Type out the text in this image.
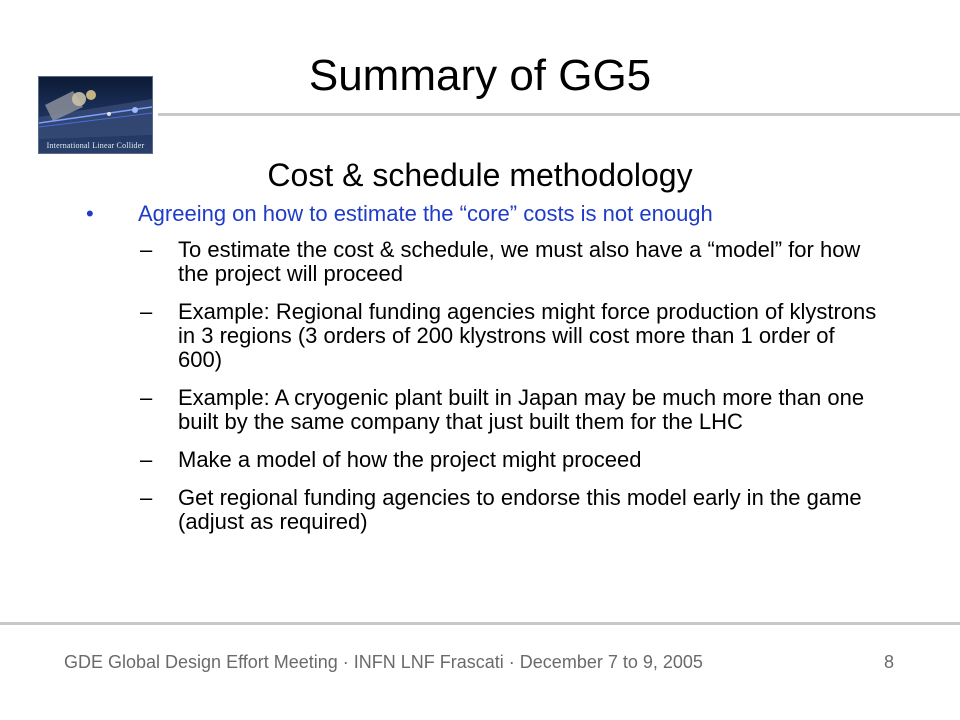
International Linear Collider
Summary of GG5
Cost & schedule methodology
• Agreeing on how to estimate the “core” costs is not enough
– To estimate the cost & schedule, we must also have a “model” for how the project will proceed
– Example: Regional funding agencies might force production of klystrons in 3 regions (3 orders of 200 klystrons will cost more than 1 order of 600)
– Example: A cryogenic plant built in Japan may be much more than one built by the same company that just built them for the LHC
– Make a model of how the project might proceed
– Get regional funding agencies to endorse this model early in the game (adjust as required)
GDE Global Design Effort Meeting · INFN LNF Frascati · December 7 to 9, 2005	8
